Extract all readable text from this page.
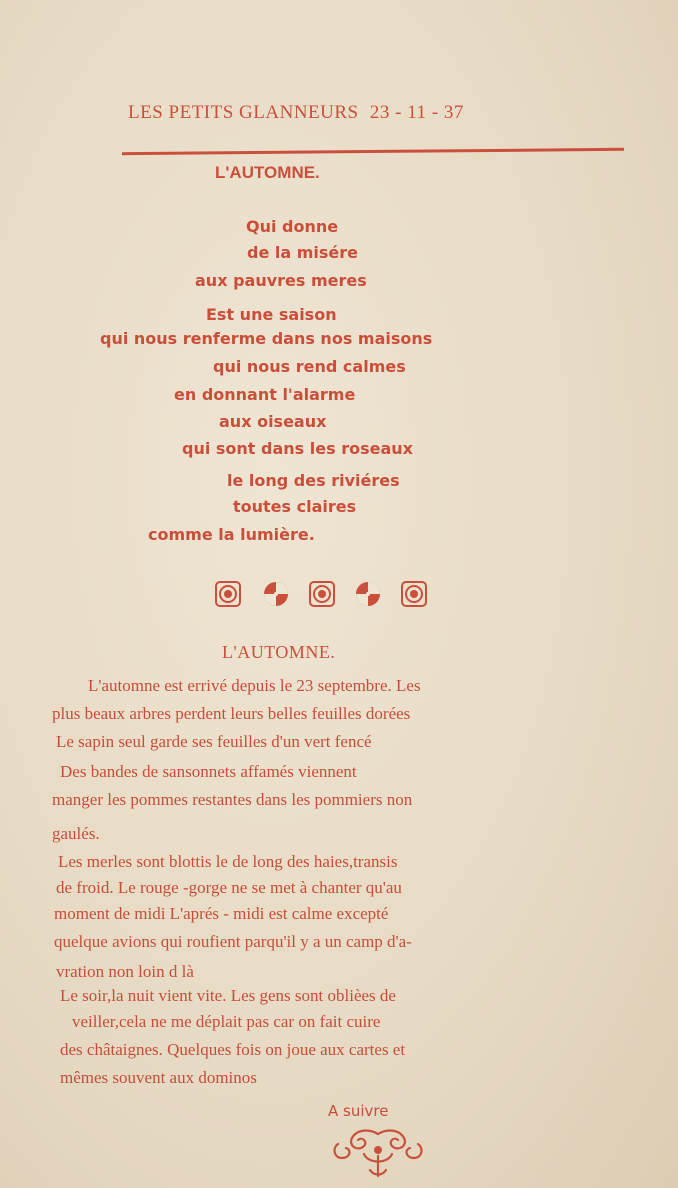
LES PETITS GLANNEURS 23 - 11 - 37
L'AUTOMNE.
Qui donne
de la misére
aux pauvres meres
Est une saison
qui nous renferme dans nos maisons
qui nous rend calmes
en donnant l'alarme
aux oiseaux
qui sont dans les roseaux
le long des riviéres
toutes claires
comme la lumière.
L'AUTOMNE.
L'automne est errivé depuis le 23 septembre. Les
plus beaux arbres perdent leurs belles feuilles dorées
Le sapin seul garde ses feuilles d'un vert fencé
Des bandes de sansonnets affamés viennent
manger les pommes restantes dans les pommiers non
gaulés.
Les merles sont blottis le de long des haies,transis
de froid. Le rouge -gorge ne se met à chanter qu'au
moment de midi L'aprés - midi est calme excepté
quelque avions qui roufient parqu'il y a un camp d'a-
vration non loin d là
Le soir,la nuit vient vite. Les gens sont oblièes de
veiller,cela ne me déplait pas car on fait cuire
des châtaignes. Quelques fois on joue aux cartes et
mêmes souvent aux dominos
A suivre
